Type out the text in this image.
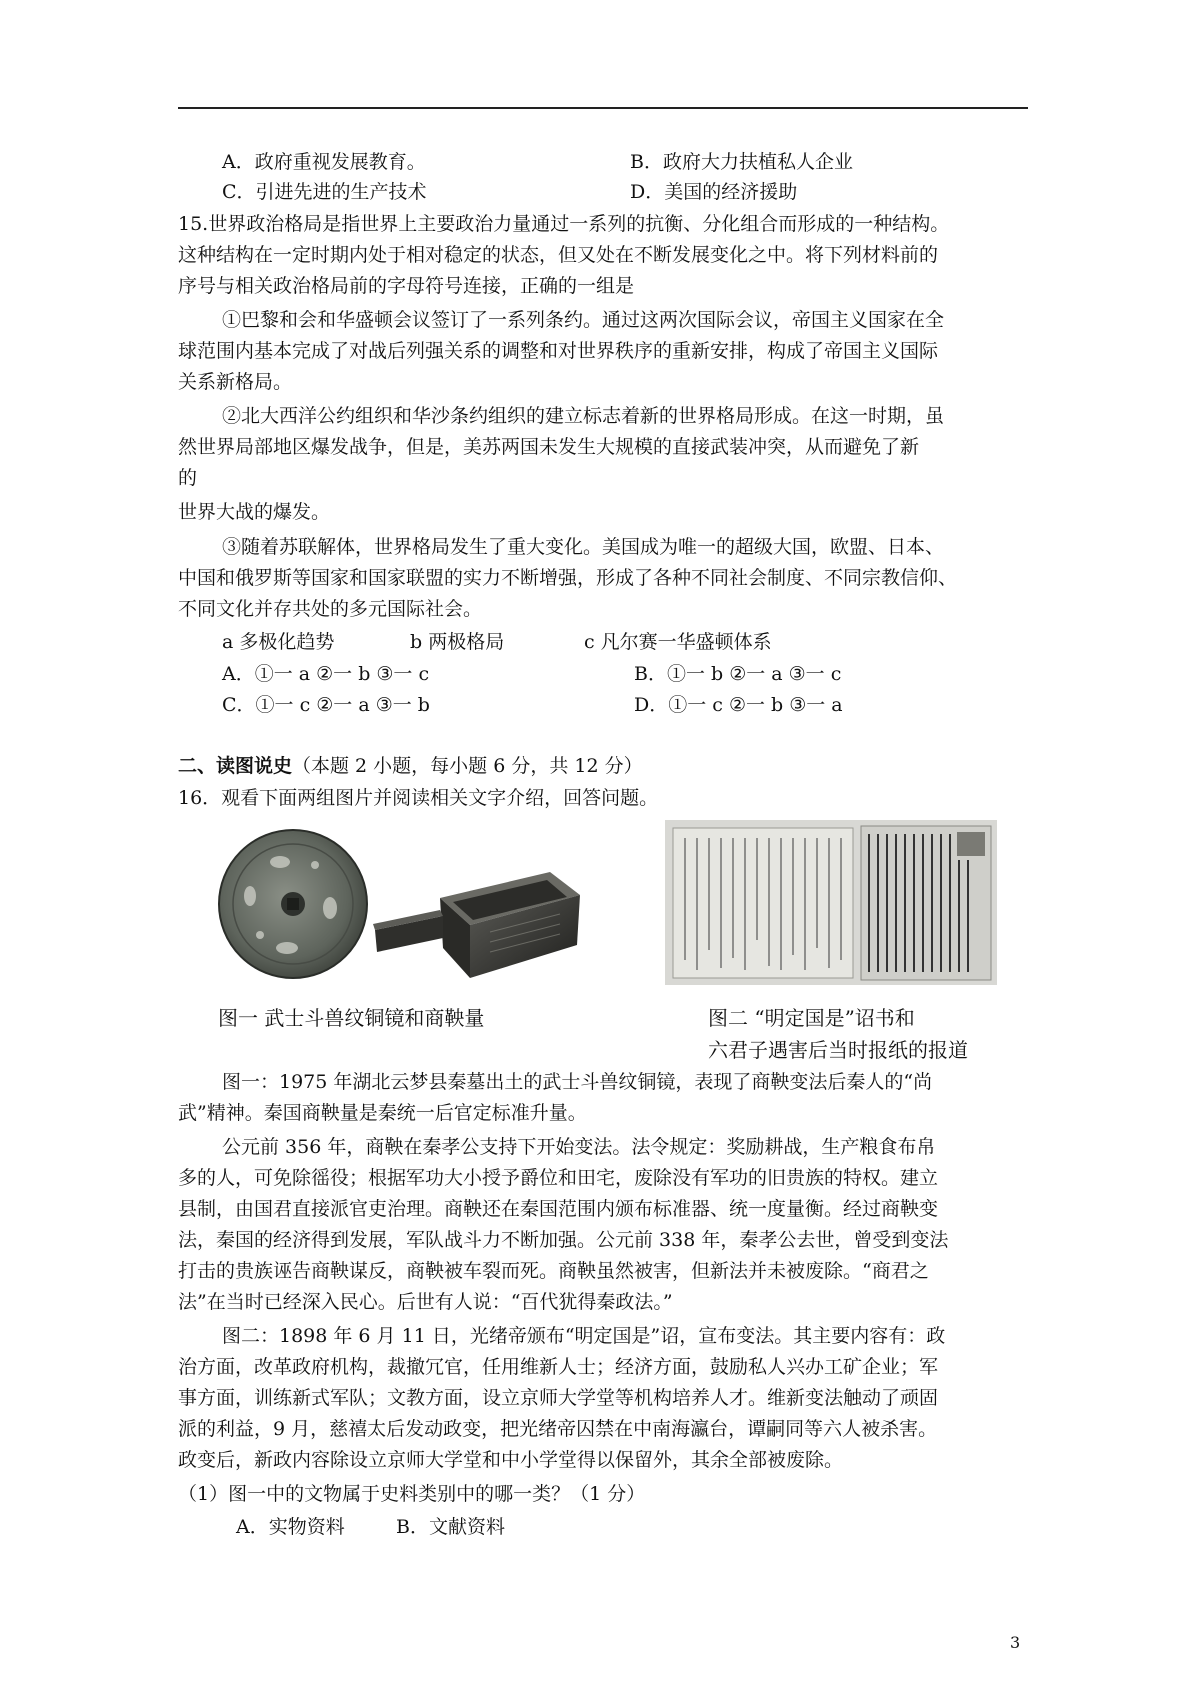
A．政府重视发展教育。	B．政府大力扶植私人企业
C．引进先进的生产技术	D．美国的经济援助
15.世界政治格局是指世界上主要政治力量通过一系列的抗衡、分化组合而形成的一种结构。
这种结构在一定时期内处于相对稳定的状态，但又处在不断发展变化之中。将下列材料前的
序号与相关政治格局前的字母符号连接，正确的一组是
①巴黎和会和华盛顿会议签订了一系列条约。通过这两次国际会议，帝国主义国家在全
球范围内基本完成了对战后列强关系的调整和对世界秩序的重新安排，构成了帝国主义国际
关系新格局。
②北大西洋公约组织和华沙条约组织的建立标志着新的世界格局形成。在这一时期，虽
然世界局部地区爆发战争，但是，美苏两国未发生大规模的直接武装冲突，从而避免了新
的
世界大战的爆发。
③随着苏联解体，世界格局发生了重大变化。美国成为唯一的超级大国，欧盟、日本、
中国和俄罗斯等国家和国家联盟的实力不断增强，形成了各种不同社会制度、不同宗教信仰、
不同文化并存共处的多元国际社会。
a 多极化趋势	b 两极格局	c 凡尔赛一华盛顿体系
A．①一 a ②一 b ③一 c	B．①一 b ②一 a ③一 c
C．①一 c ②一 a ③一 b	D．①一 c ②一 b ③一 a
二、读图说史（本题 2 小题，每小题 6 分，共 12 分）
16．观看下面两组图片并阅读相关文字介绍，回答问题。
图一 武士斗兽纹铜镜和商鞅量	图二 “明定国是”诏书和
六君子遇害后当时报纸的报道
图一：1975 年湖北云梦县秦墓出土的武士斗兽纹铜镜，表现了商鞅变法后秦人的“尚
武”精神。秦国商鞅量是秦统一后官定标准升量。
公元前 356 年，商鞅在秦孝公支持下开始变法。法令规定：奖励耕战，生产粮食布帛
多的人，可免除徭役；根据军功大小授予爵位和田宅，废除没有军功的旧贵族的特权。建立
县制，由国君直接派官吏治理。商鞅还在秦国范围内颁布标准器、统一度量衡。经过商鞅变
法，秦国的经济得到发展，军队战斗力不断加强。公元前 338 年，秦孝公去世，曾受到变法
打击的贵族诬告商鞅谋反，商鞅被车裂而死。商鞅虽然被害，但新法并未被废除。“商君之
法”在当时已经深入民心。后世有人说：“百代犹得秦政法。”
图二：1898 年 6 月 11 日，光绪帝颁布“明定国是”诏，宣布变法。其主要内容有：政
治方面，改革政府机构，裁撤冗官，任用维新人士；经济方面，鼓励私人兴办工矿企业；军
事方面，训练新式军队；文教方面，设立京师大学堂等机构培养人才。维新变法触动了顽固
派的利益，9 月，慈禧太后发动政变，把光绪帝囚禁在中南海瀛台，谭嗣同等六人被杀害。
政变后，新政内容除设立京师大学堂和中小学堂得以保留外，其余全部被废除。
（1）图一中的文物属于史料类别中的哪一类？（1 分）
A．实物资料	B．文献资料
3
